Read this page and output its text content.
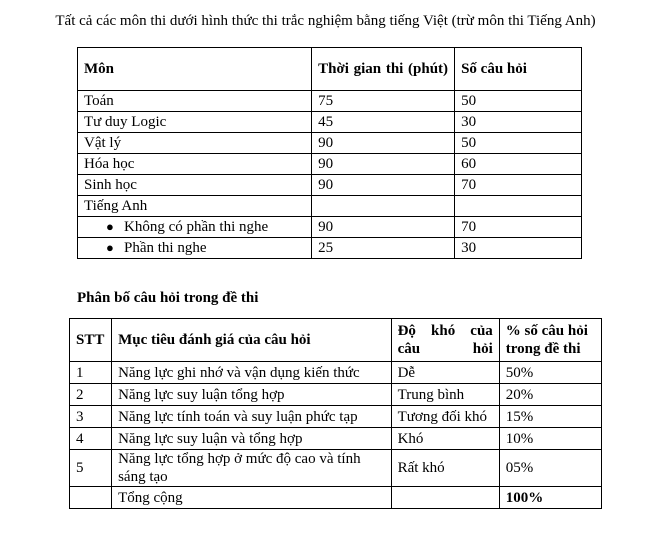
Tất cả các môn thi dưới hình thức thi trắc nghiệm bằng tiếng Việt (trừ môn thi Tiếng Anh)
Môn	Thời gian thi (phút)	Số câu hỏi
Toán	75	50
Tư duy Logic	45	30
Vật lý	90	50
Hóa học	90	60
Sinh học	90	70
Tiếng Anh		
● Không có phần thi nghe	90	70
● Phần thi nghe	25	30
Phân bố câu hỏi trong đề thi
STT	Mục tiêu đánh giá của câu hỏi	Độ khó của câu hỏi	% số câu hỏi trong đề thi
1	Năng lực ghi nhớ và vận dụng kiến thức	Dễ	50%
2	Năng lực suy luận tổng hợp	Trung bình	20%
3	Năng lực tính toán và suy luận phức tạp	Tương đối khó	15%
4	Năng lực suy luận và tổng hợp	Khó	10%
5	Năng lực tổng hợp ở mức độ cao và tính sáng tạo	Rất khó	05%
	Tổng cộng		100%
